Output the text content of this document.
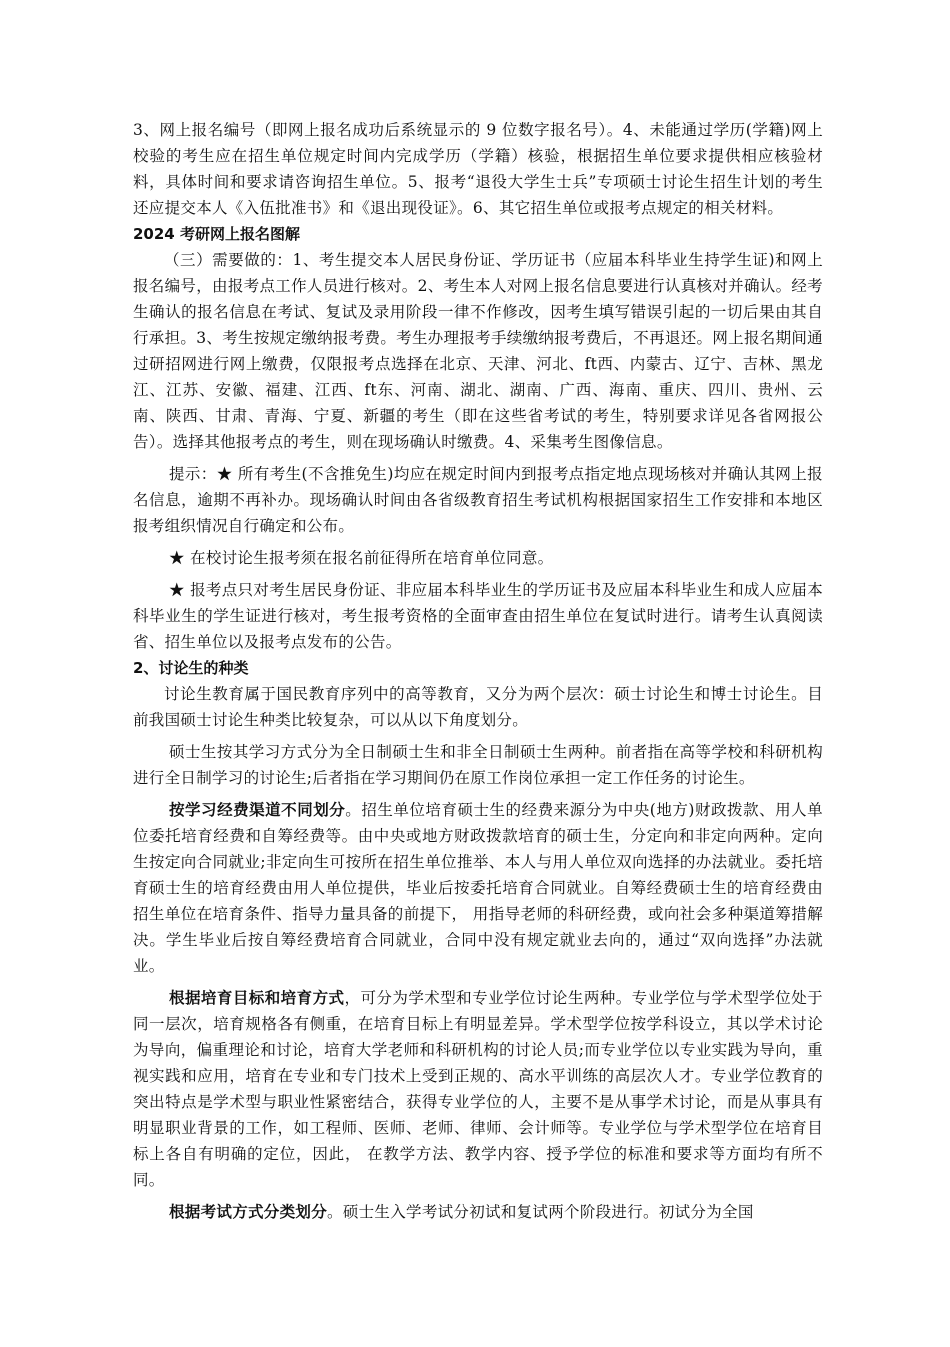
3、网上报名编号（即网上报名成功后系统显示的 9 位数字报名号）。4、未能通过学历(学籍)网上校验的考生应在招生单位规定时间内完成学历（学籍）核验，根据招生单位要求提供相应核验材料，具体时间和要求请咨询招生单位。5、报考“退役大学生士兵”专项硕士讨论生招生计划的考生还应提交本人《入伍批准书》和《退出现役证》。6、其它招生单位或报考点规定的相关材料。

2024 考研网上报名图解

（三）需要做的：1、考生提交本人居民身份证、学历证书（应届本科毕业生持学生证)和网上报名编号，由报考点工作人员进行核对。2、考生本人对网上报名信息要进行认真核对并确认。经考生确认的报名信息在考试、复试及录用阶段一律不作修改，因考生填写错误引起的一切后果由其自行承担。3、考生按规定缴纳报考费。考生办理报考手续缴纳报考费后，不再退还。网上报名期间通过研招网进行网上缴费，仅限报考点选择在北京、天津、河北、ft西、内蒙古、辽宁、吉林、黑龙江、江苏、安徽、福建、江西、ft东、河南、湖北、湖南、广西、海南、重庆、四川、贵州、云南、陕西、甘肃、青海、宁夏、新疆的考生（即在这些省考试的考生，特别要求详见各省网报公告）。选择其他报考点的考生，则在现场确认时缴费。4、采集考生图像信息。

提示：★ 所有考生(不含推免生)均应在规定时间内到报考点指定地点现场核对并确认其网上报名信息，逾期不再补办。现场确认时间由各省级教育招生考试机构根据国家招生工作安排和本地区报考组织情况自行确定和公布。

★ 在校讨论生报考须在报名前征得所在培育单位同意。

★ 报考点只对考生居民身份证、非应届本科毕业生的学历证书及应届本科毕业生和成人应届本科毕业生的学生证进行核对，考生报考资格的全面审查由招生单位在复试时进行。请考生认真阅读省、招生单位以及报考点发布的公告。

2、讨论生的种类

讨论生教育属于国民教育序列中的高等教育，又分为两个层次：硕士讨论生和博士讨论生。目前我国硕士讨论生种类比较复杂，可以从以下角度划分。

硕士生按其学习方式分为全日制硕士生和非全日制硕士生两种。前者指在高等学校和科研机构进行全日制学习的讨论生;后者指在学习期间仍在原工作岗位承担一定工作任务的讨论生。

按学习经费渠道不同划分。招生单位培育硕士生的经费来源分为中央(地方)财政拨款、用人单位委托培育经费和自筹经费等。由中央或地方财政拨款培育的硕士生，分定向和非定向两种。定向生按定向合同就业;非定向生可按所在招生单位推举、本人与用人单位双向选择的办法就业。委托培育硕士生的培育经费由用人单位提供，毕业后按委托培育合同就业。自筹经费硕士生的培育经费由招生单位在培育条件、指导力量具备的前提下， 用指导老师的科研经费，或向社会多种渠道筹措解决。学生毕业后按自筹经费培育合同就业，合同中没有规定就业去向的，通过“双向选择”办法就业。

根据培育目标和培育方式，可分为学术型和专业学位讨论生两种。专业学位与学术型学位处于同一层次，培育规格各有侧重，在培育目标上有明显差异。学术型学位按学科设立，其以学术讨论为导向，偏重理论和讨论，培育大学老师和科研机构的讨论人员;而专业学位以专业实践为导向，重视实践和应用，培育在专业和专门技术上受到正规的、高水平训练的高层次人才。专业学位教育的突出特点是学术型与职业性紧密结合，获得专业学位的人，主要不是从事学术讨论，而是从事具有明显职业背景的工作，如工程师、医师、老师、律师、会计师等。专业学位与学术型学位在培育目标上各自有明确的定位，因此， 在教学方法、教学内容、授予学位的标准和要求等方面均有所不同。

根据考试方式分类划分。硕士生入学考试分初试和复试两个阶段进行。初试分为全国
